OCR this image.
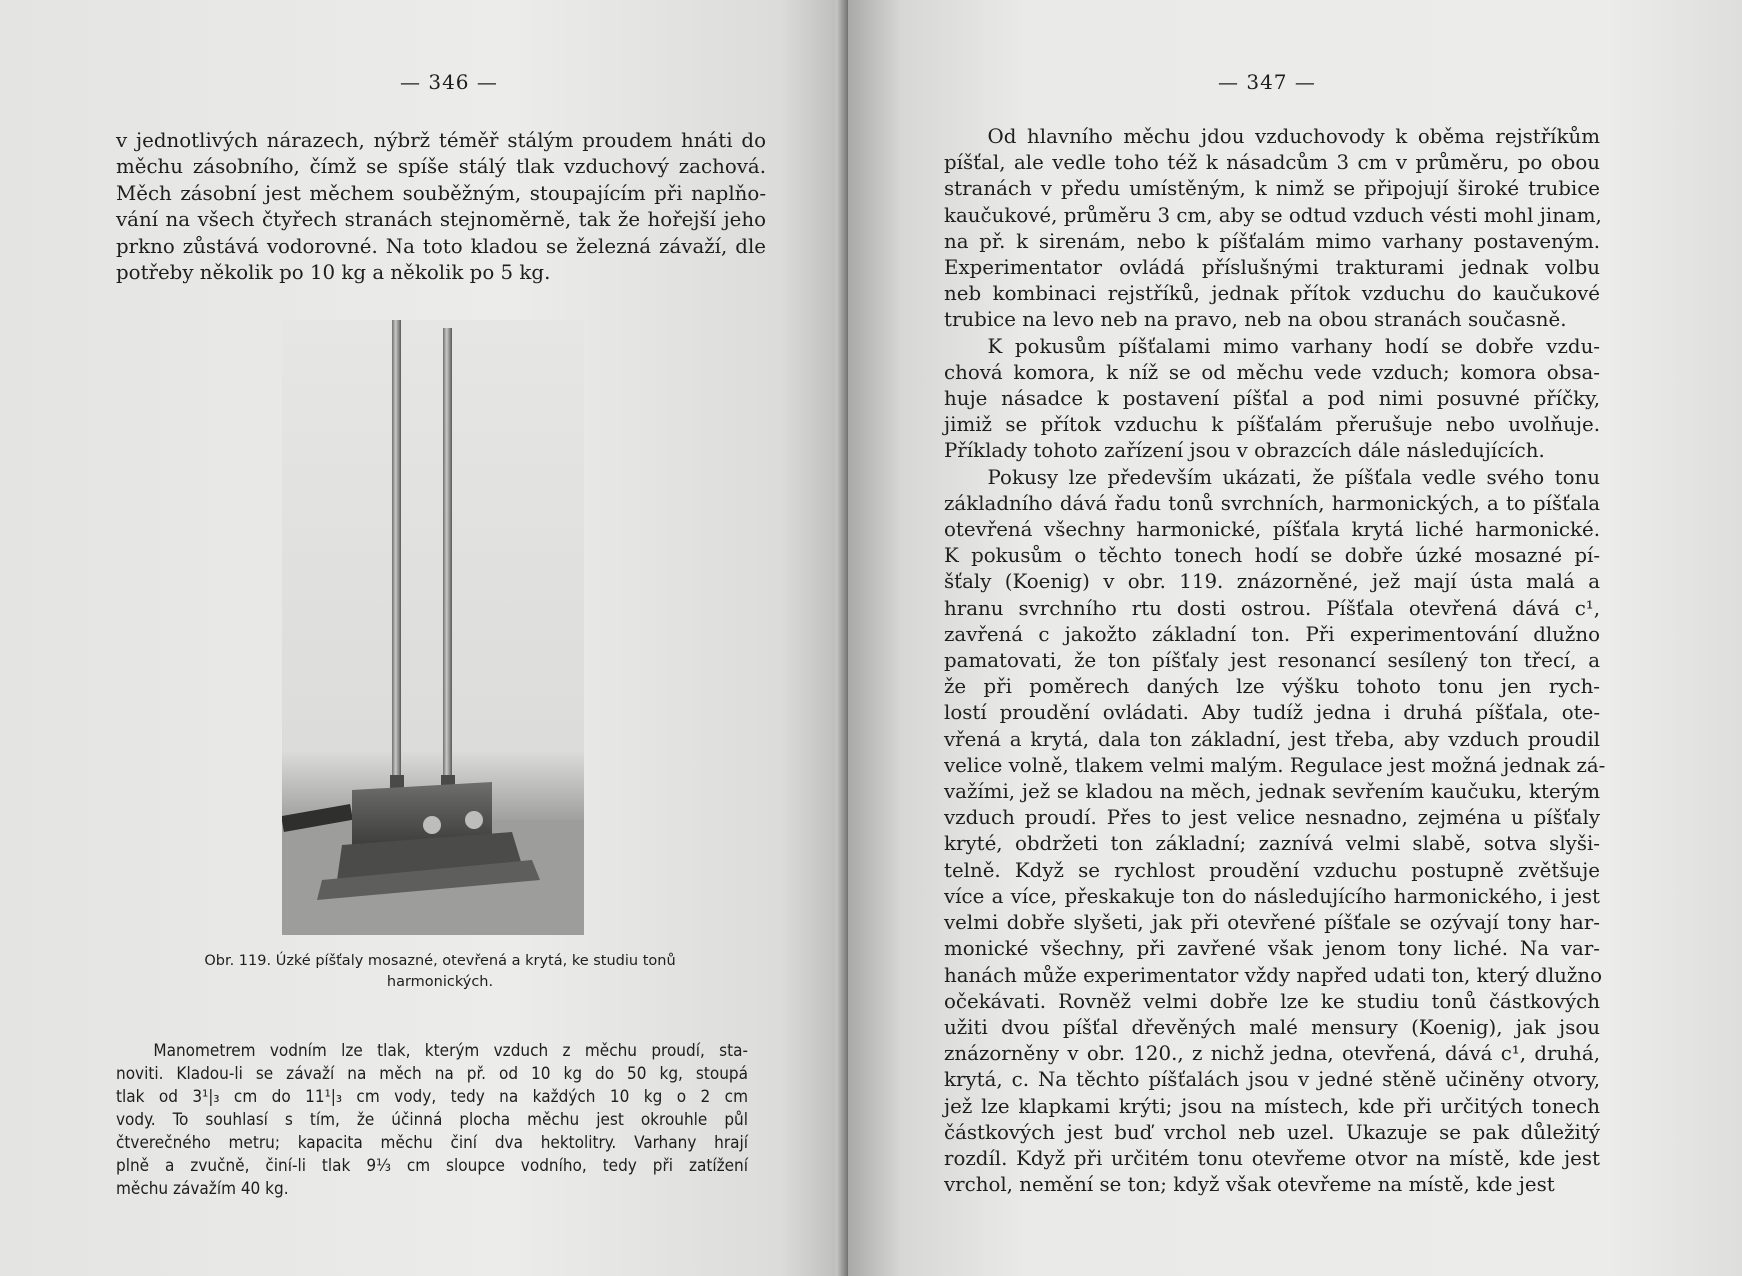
— 346 —

v jednotlivých nárazech, nýbrž téměř stálým proudem hnáti do

měchu zásobního, čímž se spíše stálý tlak vzduchový zachová.

Měch zásobní jest měchem souběžným, stoupajícím při naplňo-

vání na všech čtyřech stranách stejnoměrně, tak že hořejší jeho

prkno zůstává vodorovné. Na toto kladou se železná závaží, dle

potřeby několik po 10 kg a několik po 5 kg.

Obr. 119. Úzké píšťaly mosazné, otevřená a krytá, ke studiu tonů
harmonických.

Manometrem vodním lze tlak, kterým vzduch z měchu proudí, sta-

noviti. Kladou-li se závaží na měch na př. od 10 kg do 50 kg, stoupá

tlak od 3¹|₃ cm do 11¹|₃ cm vody, tedy na každých 10 kg o 2 cm

vody. To souhlasí s tím, že účinná plocha měchu jest okrouhle půl

čtverečného metru; kapacita měchu činí dva hektolitry. Varhany hrají

plně a zvučně, činí-li tlak 9⅓ cm sloupce vodního, tedy při zatížení

měchu závažím 40 kg.

— 347 —

Od hlavního měchu jdou vzduchovody k oběma rejstříkům

píšťal, ale vedle toho též k násadcům 3 cm v průměru, po obou

stranách v předu umístěným, k nimž se připojují široké trubice

kaučukové, průměru 3 cm, aby se odtud vzduch vésti mohl jinam,

na př. k sirenám, nebo k píšťalám mimo varhany postaveným.

Experimentator ovládá příslušnými trakturami jednak volbu

neb kombinaci rejstříků, jednak přítok vzduchu do kaučukové

trubice na levo neb na pravo, neb na obou stranách současně.

K pokusům píšťalami mimo varhany hodí se dobře vzdu-

chová komora, k níž se od měchu vede vzduch; komora obsa-

huje násadce k postavení píšťal a pod nimi posuvné příčky,

jimiž se přítok vzduchu k píšťalám přerušuje nebo uvolňuje.

Příklady tohoto zařízení jsou v obrazcích dále následujících.

Pokusy lze především ukázati, že píšťala vedle svého tonu

základního dává řadu tonů svrchních, harmonických, a to píšťala

otevřená všechny harmonické, píšťala krytá liché harmonické.

K pokusům o těchto tonech hodí se dobře úzké mosazné pí-

šťaly (Koenig) v obr. 119. znázorněné, jež mají ústa malá a

hranu svrchního rtu dosti ostrou. Píšťala otevřená dává c¹,

zavřená c jakožto základní ton. Při experimentování dlužno

pamatovati, že ton píšťaly jest resonancí sesílený ton třecí, a

že při poměrech daných lze výšku tohoto tonu jen rych-

lostí proudění ovládati. Aby tudíž jedna i druhá píšťala, ote-

vřená a krytá, dala ton základní, jest třeba, aby vzduch proudil

velice volně, tlakem velmi malým. Regulace jest možná jednak zá-

važími, jež se kladou na měch, jednak sevřením kaučuku, kterým

vzduch proudí. Přes to jest velice nesnadno, zejména u píšťaly

kryté, obdržeti ton základní; zaznívá velmi slabě, sotva slyši-

telně. Když se rychlost proudění vzduchu postupně zvětšuje

více a více, přeskakuje ton do následujícího harmonického, i jest

velmi dobře slyšeti, jak při otevřené píšťale se ozývají tony har-

monické všechny, při zavřené však jenom tony liché. Na var-

hanách může experimentator vždy napřed udati ton, který dlužno

očekávati. Rovněž velmi dobře lze ke studiu tonů částkových

užiti dvou píšťal dřevěných malé mensury (Koenig), jak jsou

znázorněny v obr. 120., z nichž jedna, otevřená, dává c¹, druhá,

krytá, c. Na těchto píšťalách jsou v jedné stěně učiněny otvory,

jež lze klapkami krýti; jsou na místech, kde při určitých tonech

částkových jest buď vrchol neb uzel. Ukazuje se pak důležitý

rozdíl. Když při určitém tonu otevřeme otvor na místě, kde jest

vrchol, nemění se ton; když však otevřeme na místě, kde jest
